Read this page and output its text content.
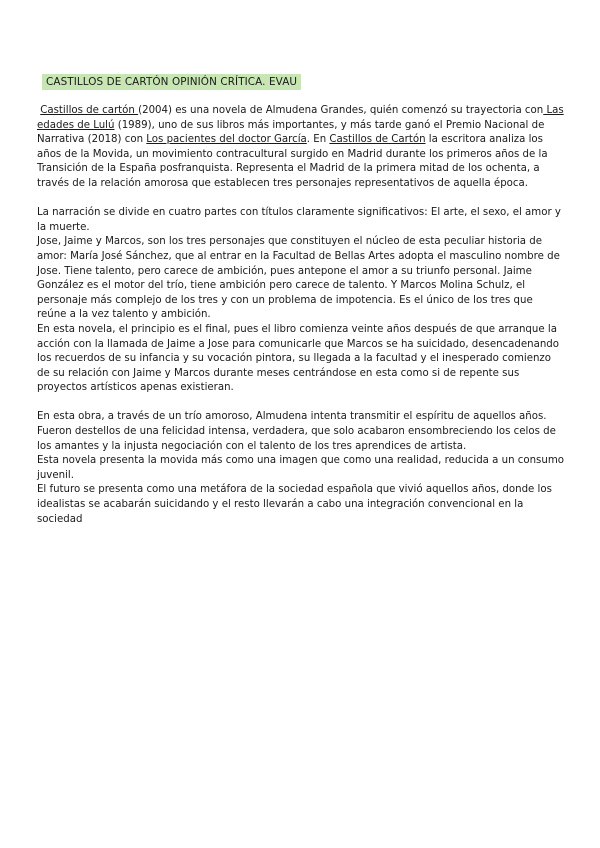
CASTILLOS DE CARTÓN OPINIÓN CRÍTICA. EVAU

Castillos de cartón (2004) es una novela de Almudena Grandes, quién comenzó su trayectoria con Las edades de Lulú (1989), uno de sus libros más importantes, y más tarde ganó el Premio Nacional de Narrativa (2018) con Los pacientes del doctor García. En Castillos de Cartón la escritora analiza los años de la Movida, un movimiento contracultural surgido en Madrid durante los primeros años de la Transición de la España posfranquista. Representa el Madrid de la primera mitad de los ochenta, a través de la relación amorosa que establecen tres personajes representativos de aquella época.

La narración se divide en cuatro partes con títulos claramente significativos: El arte, el sexo, el amor y la muerte.

Jose, Jaime y Marcos, son los tres personajes que constituyen el núcleo de esta peculiar historia de amor: María José Sánchez, que al entrar en la Facultad de Bellas Artes adopta el masculino nombre de Jose. Tiene talento, pero carece de ambición, pues antepone el amor a su triunfo personal. Jaime González es el motor del trío, tiene ambición pero carece de talento. Y Marcos Molina Schulz, el personaje más complejo de los tres y con un problema de impotencia. Es el único de los tres que reúne a la vez talento y ambición.

En esta novela, el principio es el final, pues el libro comienza veinte años después de que arranque la acción con la llamada de Jaime a Jose para comunicarle que Marcos se ha suicidado, desencadenando los recuerdos de su infancia y su vocación pintora, su llegada a la facultad y el inesperado comienzo de su relación con Jaime y Marcos durante meses centrándose en esta como si de repente sus proyectos artísticos apenas existieran.

En esta obra, a través de un trío amoroso, Almudena intenta transmitir el espíritu de aquellos años. Fueron destellos de una felicidad intensa, verdadera, que solo acabaron ensombreciendo los celos de los amantes y la injusta negociación con el talento de los tres aprendices de artista.

Esta novela presenta la movida más como una imagen que como una realidad, reducida a un consumo juvenil.

El futuro se presenta como una metáfora de la sociedad española que vivió aquellos años, donde los idealistas se acabarán suicidando y el resto llevarán a cabo una integración convencional en la sociedad
